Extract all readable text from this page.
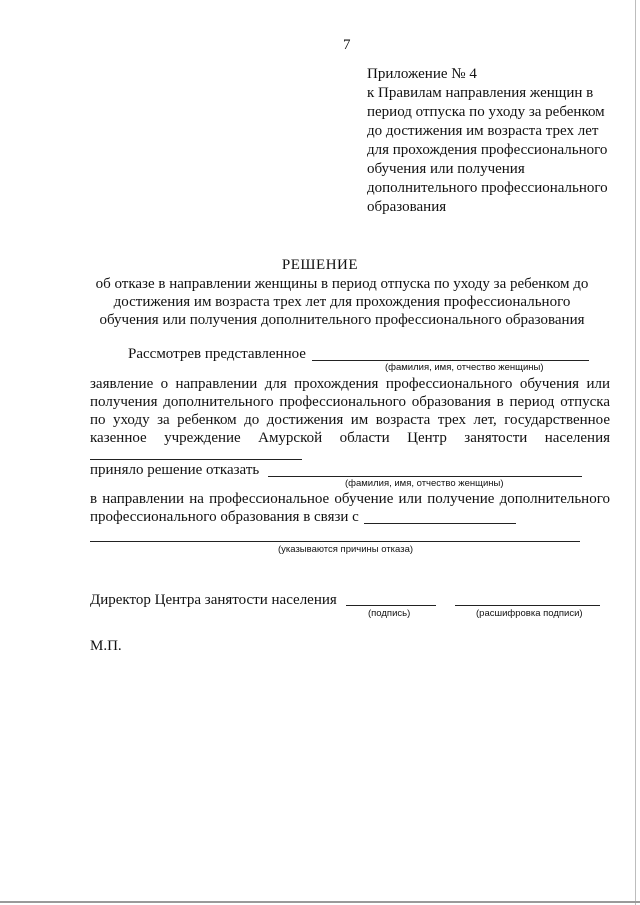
7
Приложение № 4
к Правилам направления женщин в
период отпуска по уходу за ребенком
до достижения им возраста трех лет
для прохождения профессионального
обучения или получения
дополнительного профессионального
образования
РЕШЕНИЕ
об отказе в направлении женщины в период отпуска по уходу за ребенком до
достижения им возраста трех лет для прохождения профессионального
обучения или получения дополнительного профессионального образования
Рассмотрев представленное
(фамилия, имя, отчество женщины)
заявление о направлении для прохождения профессионального обучения или
получения дополнительного профессионального образования в период отпуска
по уходу за ребенком до достижения им возраста трех лет, государственное
казенное учреждение Амурской области Центр занятости населения
приняло решение отказать
(фамилия, имя, отчество женщины)
в направлении на профессиональное обучение или получение дополнительного
профессионального образования в связи с
(указываются причины отказа)
Директор Центра занятости населения
(подпись)	(расшифровка подписи)
М.П.
